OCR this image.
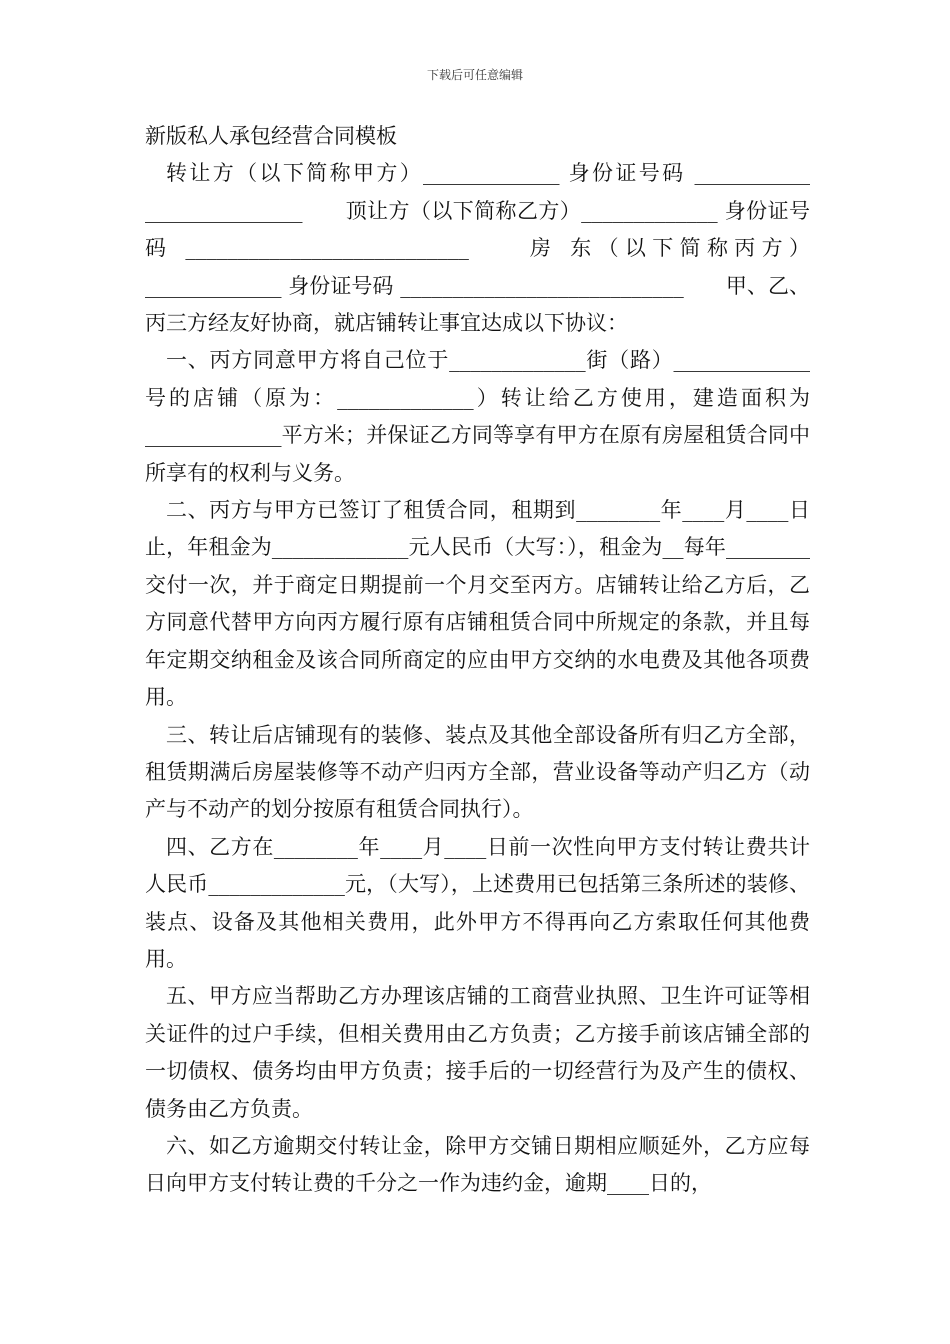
下载后可任意编辑

新版私人承包经营合同模板

转让方（以下简称甲方）_____________ 身份证号码 ___________ _______________　　顶让方（以下简称乙方）_____________ 身份证号码 ___________________________　　房 东（以下简称丙方）_____________ 身份证号码 ___________________________　　甲、乙、丙三方经友好协商，就店铺转让事宜达成以下协议：

一、丙方同意甲方将自己位于_____________街（路）_____________号的店铺（原为：_____________）转让给乙方使用，建造面积为_____________平方米；并保证乙方同等享有甲方在原有房屋租赁合同中所享有的权利与义务。

二、丙方与甲方已签订了租赁合同，租期到________年____月____日止，年租金为_____________元人民币（大写：），租金为__每年________交付一次，并于商定日期提前一个月交至丙方。店铺转让给乙方后，乙方同意代替甲方向丙方履行原有店铺租赁合同中所规定的条款，并且每年定期交纳租金及该合同所商定的应由甲方交纳的水电费及其他各项费用。

三、转让后店铺现有的装修、装点及其他全部设备所有归乙方全部，租赁期满后房屋装修等不动产归丙方全部，营业设备等动产归乙方（动产与不动产的划分按原有租赁合同执行）。

四、乙方在________年____月____日前一次性向甲方支付转让费共计人民币_____________元，（大写），上述费用已包括第三条所述的装修、装点、设备及其他相关费用，此外甲方不得再向乙方索取任何其他费用。

五、甲方应当帮助乙方办理该店铺的工商营业执照、卫生许可证等相关证件的过户手续，但相关费用由乙方负责；乙方接手前该店铺全部的一切债权、债务均由甲方负责；接手后的一切经营行为及产生的债权、债务由乙方负责。

六、如乙方逾期交付转让金，除甲方交铺日期相应顺延外，乙方应每日向甲方支付转让费的千分之一作为违约金，逾期____日的，
